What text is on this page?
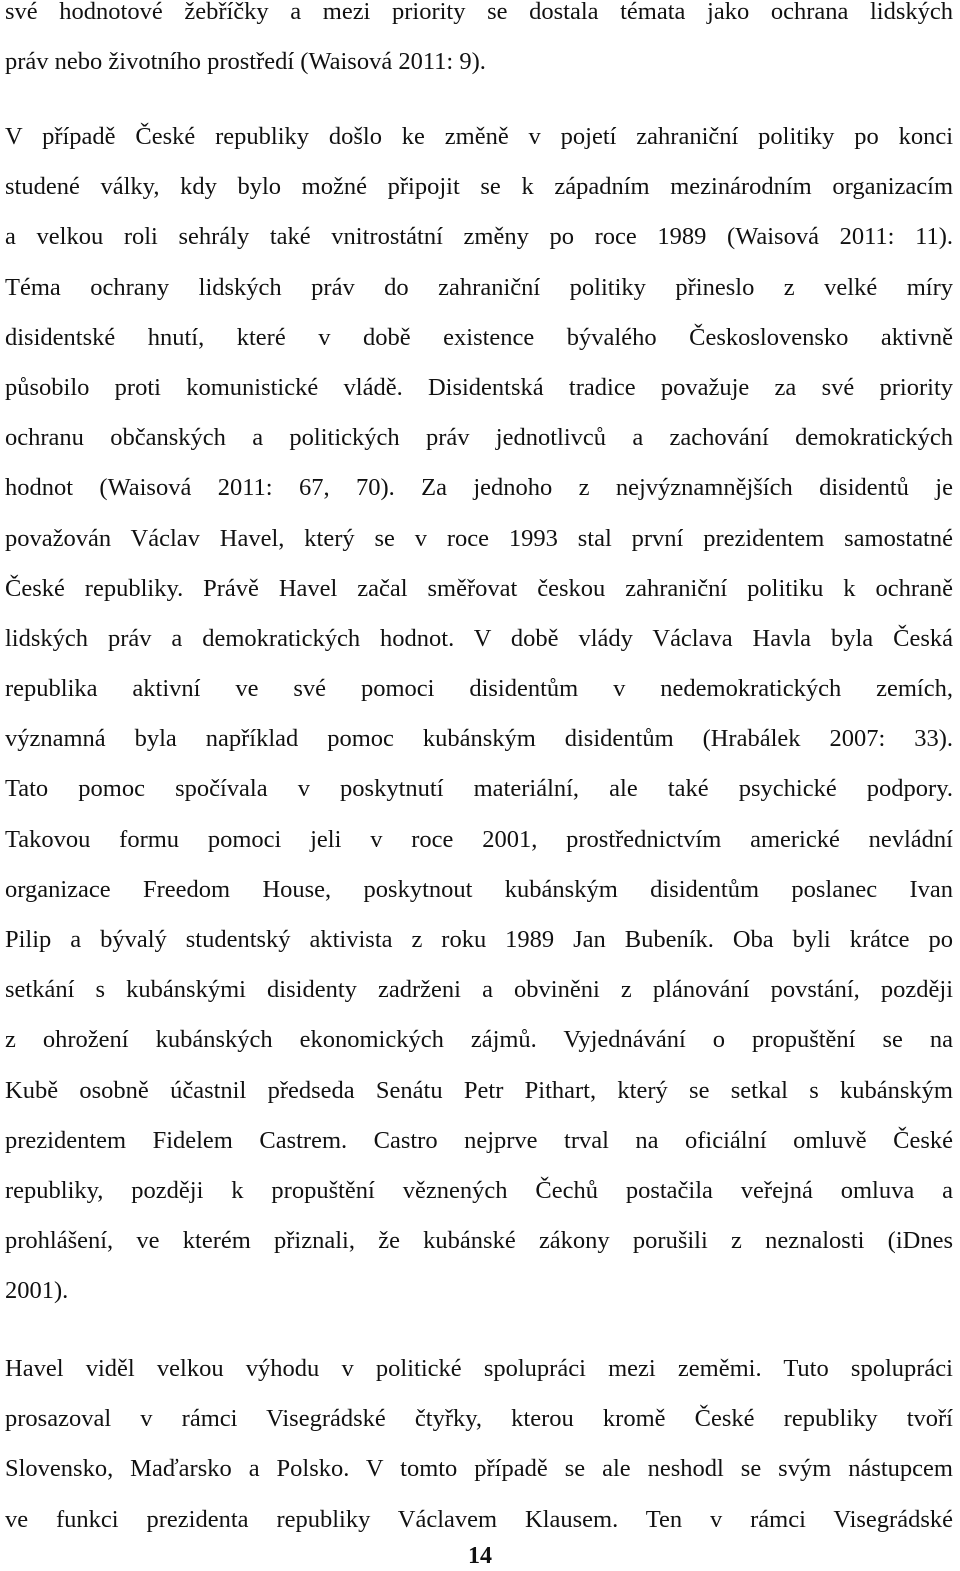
své hodnotové žebříčky a mezi priority se dostala témata jako ochrana lidských
práv nebo životního prostředí (Waisová 2011: 9).
V případě České republiky došlo ke změně v pojetí zahraniční politiky po konci
studené války, kdy bylo možné připojit se k západním mezinárodním organizacím
a velkou roli sehrály také vnitrostátní změny po roce 1989 (Waisová 2011: 11).
Téma ochrany lidských práv do zahraniční politiky přineslo z velké míry
disidentské hnutí, které v době existence bývalého Československo aktivně
působilo proti komunistické vládě. Disidentská tradice považuje za své priority
ochranu občanských a politických práv jednotlivců a zachování demokratických
hodnot (Waisová 2011: 67, 70). Za jednoho z nejvýznamnějších disidentů je
považován Václav Havel, který se v roce 1993 stal první prezidentem samostatné
České republiky. Právě Havel začal směřovat českou zahraniční politiku k ochraně
lidských práv a demokratických hodnot. V době vlády Václava Havla byla Česká
republika aktivní ve své pomoci disidentům v nedemokratických zemích,
významná byla například pomoc kubánským disidentům (Hrabálek 2007: 33).
Tato pomoc spočívala v poskytnutí materiální, ale také psychické podpory.
Takovou formu pomoci jeli v roce 2001, prostřednictvím americké nevládní
organizace Freedom House, poskytnout kubánským disidentům poslanec Ivan
Pilip a bývalý studentský aktivista z roku 1989 Jan Bubeník. Oba byli krátce po
setkání s kubánskými disidenty zadrženi a obviněni z plánování povstání, později
z ohrožení kubánských ekonomických zájmů. Vyjednávání o propuštění se na
Kubě osobně účastnil předseda Senátu Petr Pithart, který se setkal s kubánským
prezidentem Fidelem Castrem. Castro nejprve trval na oficiální omluvě České
republiky, později k propuštění věznených Čechů postačila veřejná omluva a
prohlášení, ve kterém přiznali, že kubánské zákony porušili z neznalosti (iDnes
2001).
Havel viděl velkou výhodu v politické spolupráci mezi zeměmi. Tuto spolupráci
prosazoval v rámci Visegrádské čtyřky, kterou kromě České republiky tvoří
Slovensko, Maďarsko a Polsko. V tomto případě se ale neshodl se svým nástupcem
ve funkci prezidenta republiky Václavem Klausem. Ten v rámci Visegrádské
14
